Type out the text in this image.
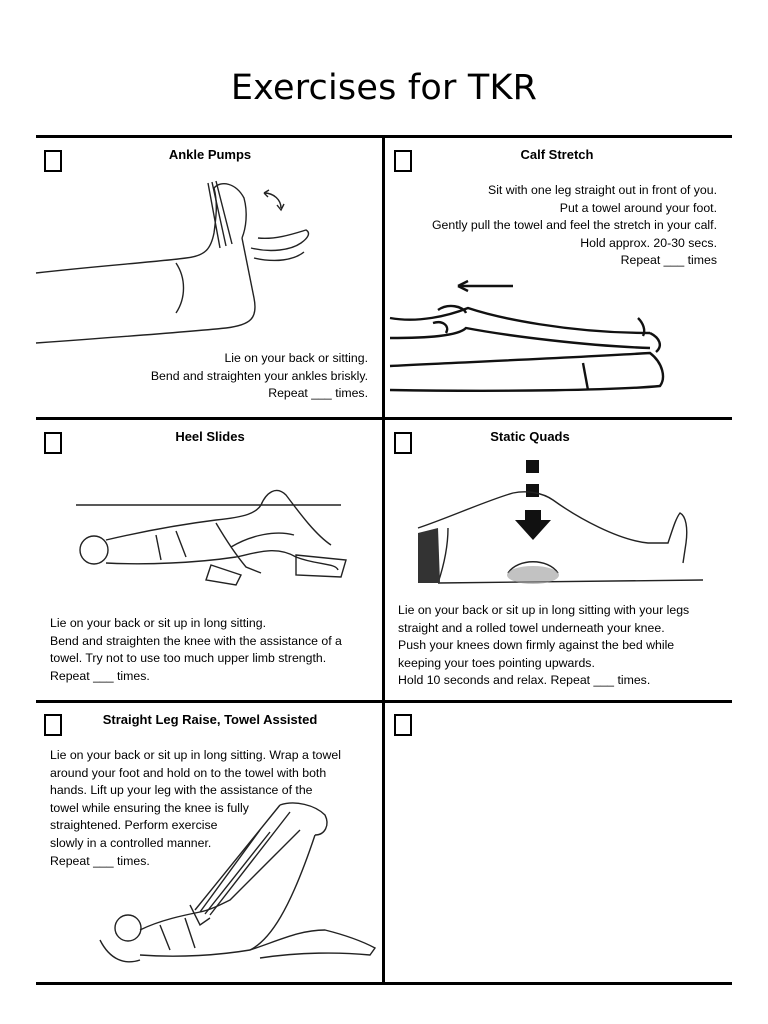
Exercises for TKR
Ankle Pumps
Lie on your back or sitting.
Bend and straighten your ankles briskly.
Repeat ___ times.
Calf Stretch
Sit with one leg straight out in front of you.
Put a towel around your foot.
Gently pull the towel and feel the stretch in your calf.
Hold approx. 20-30 secs.
Repeat ___ times
Heel Slides
Lie on your back or sit up in long sitting.
Bend and straighten the knee with the assistance of a
towel. Try not to use too much upper limb strength.
Repeat ___ times.
Static Quads
Lie on your back or sit up in long sitting with your legs
straight and a rolled towel underneath your knee.
Push your knees down firmly against the bed while
keeping your toes pointing upwards.
Hold 10 seconds and relax. Repeat ___ times.
Straight Leg Raise, Towel Assisted
Lie on your back or sit up in long sitting. Wrap a towel
around your foot and hold on to the towel with both
hands. Lift up your leg with the assistance of the
towel while ensuring the knee is fully
straightened. Perform exercise
slowly in a controlled manner.
Repeat ___ times.
